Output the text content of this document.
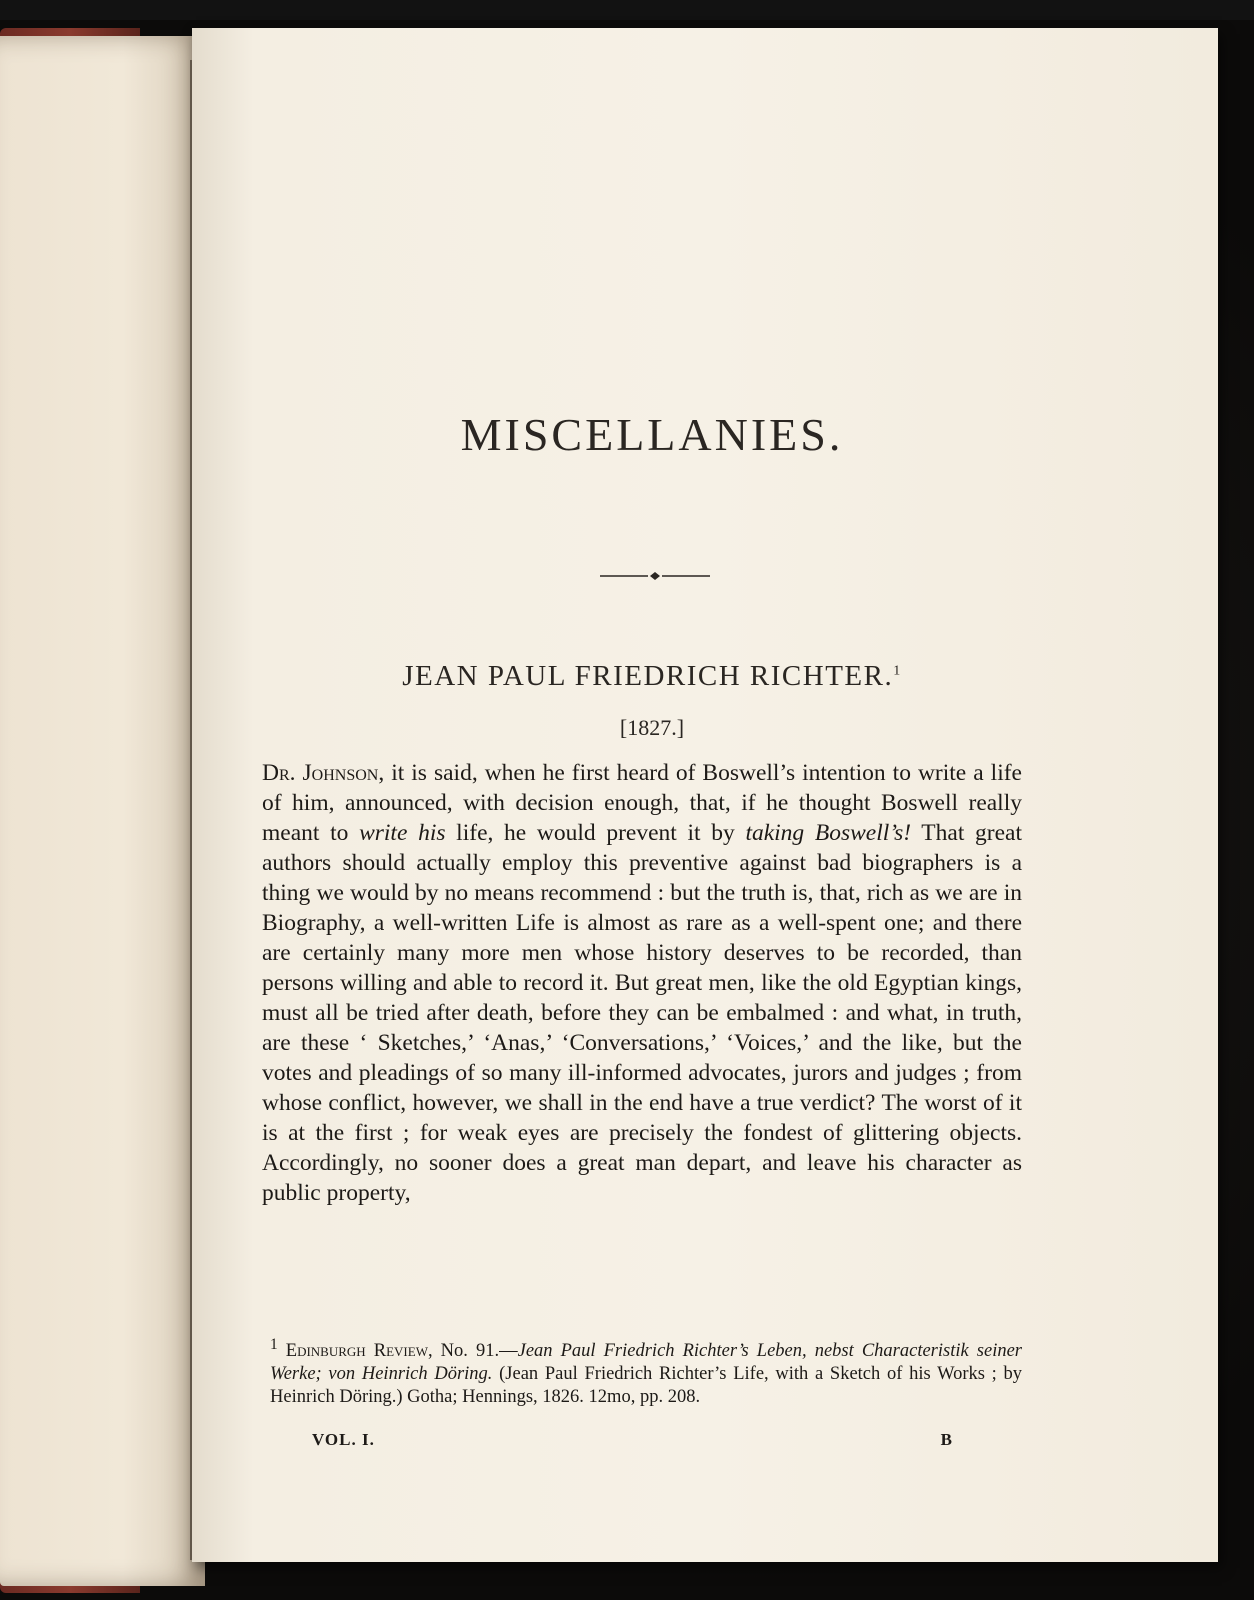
MISCELLANIES.
JEAN PAUL FRIEDRICH RICHTER.$^1$
[1827.]

Dr. Johnson, it is said, when he first heard of Boswell’s intention to write a life of him, announced, with decision enough, that, if he thought Boswell really meant to write his life, he would prevent it by taking Boswell’s! That great authors should actually employ this preventive against bad biographers is a thing we would by no means recommend : but the truth is, that, rich as we are in Biography, a well-written Life is almost as rare as a well-spent one; and there are certainly many more men whose history deserves to be recorded, than persons willing and able to record it. But great men, like the old Egyptian kings, must all be tried after death, before they can be embalmed : and what, in truth, are these ‘ Sketches,’ ‘Anas,’ ‘Conversations,’ ‘Voices,’ and the like, but the votes and pleadings of so many ill-informed advocates, jurors and judges ; from whose conflict, however, we shall in the end have a true verdict? The worst of it is at the first ; for weak eyes are precisely the fondest of glittering objects. Accordingly, no sooner does a great man depart, and leave his character as public property,

$^1$ Edinburgh Review, No. 91.—Jean Paul Friedrich Richter’s Leben, nebst Characteristik seiner Werke; von Heinrich Döring. (Jean Paul Friedrich Richter’s Life, with a Sketch of his Works ; by Heinrich Döring.) Gotha; Hennings, 1826. 12mo, pp. 208.

VOL. I.	B
